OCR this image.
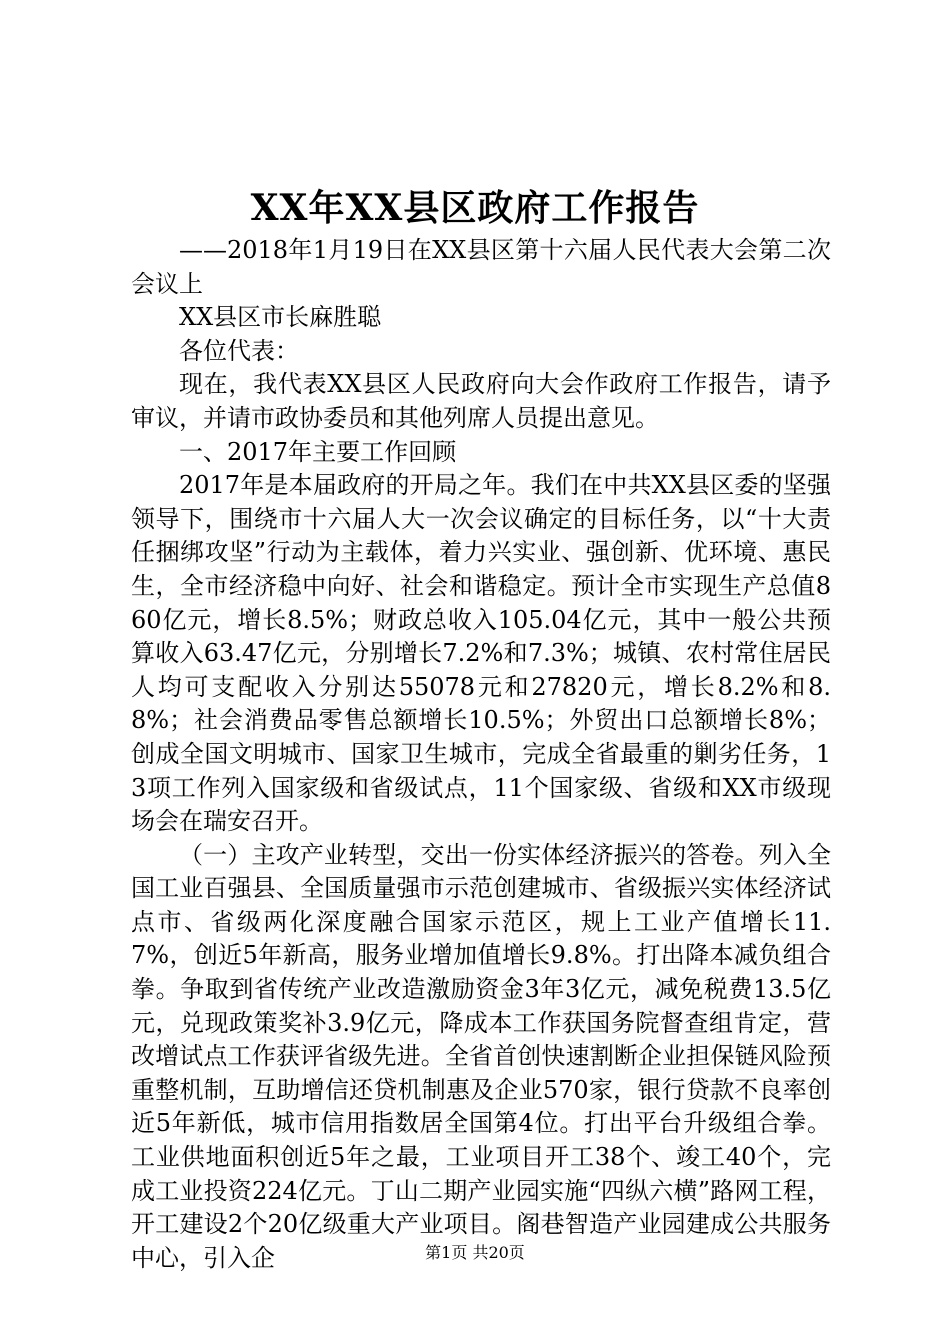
XX年XX县区政府工作报告

——2018年1月19日在XX县区第十六届人民代表大会第二次会议上

XX县区市长麻胜聪

各位代表：

现在，我代表XX县区人民政府向大会作政府工作报告，请予审议，并请市政协委员和其他列席人员提出意见。

一、2017年主要工作回顾

2017年是本届政府的开局之年。我们在中共XX县区委的坚强领导下，围绕市十六届人大一次会议确定的目标任务，以“十大责任捆绑攻坚”行动为主载体，着力兴实业、强创新、优环境、惠民生，全市经济稳中向好、社会和谐稳定。预计全市实现生产总值860亿元，增长8.5%；财政总收入105.04亿元，其中一般公共预算收入63.47亿元，分别增长7.2%和7.3%；城镇、农村常住居民人均可支配收入分别达55078元和27820元，增长8.2%和8.8%；社会消费品零售总额增长10.5%；外贸出口总额增长8%；创成全国文明城市、国家卫生城市，完成全省最重的剿劣任务，13项工作列入国家级和省级试点，11个国家级、省级和XX市级现场会在瑞安召开。

（一）主攻产业转型，交出一份实体经济振兴的答卷。列入全国工业百强县、全国质量强市示范创建城市、省级振兴实体经济试点市、省级两化深度融合国家示范区，规上工业产值增长11.7%，创近5年新高，服务业增加值增长9.8%。打出降本减负组合拳。争取到省传统产业改造激励资金3年3亿元，减免税费13.5亿元，兑现政策奖补3.9亿元，降成本工作获国务院督查组肯定，营改增试点工作获评省级先进。全省首创快速割断企业担保链风险预重整机制，互助增信还贷机制惠及企业570家，银行贷款不良率创近5年新低，城市信用指数居全国第4位。打出平台升级组合拳。工业供地面积创近5年之最，工业项目开工38个、竣工40个，完成工业投资224亿元。丁山二期产业园实施“四纵六横”路网工程，开工建设2个20亿级重大产业项目。阁巷智造产业园建成公共服务中心，引入企	第1页 共20页
